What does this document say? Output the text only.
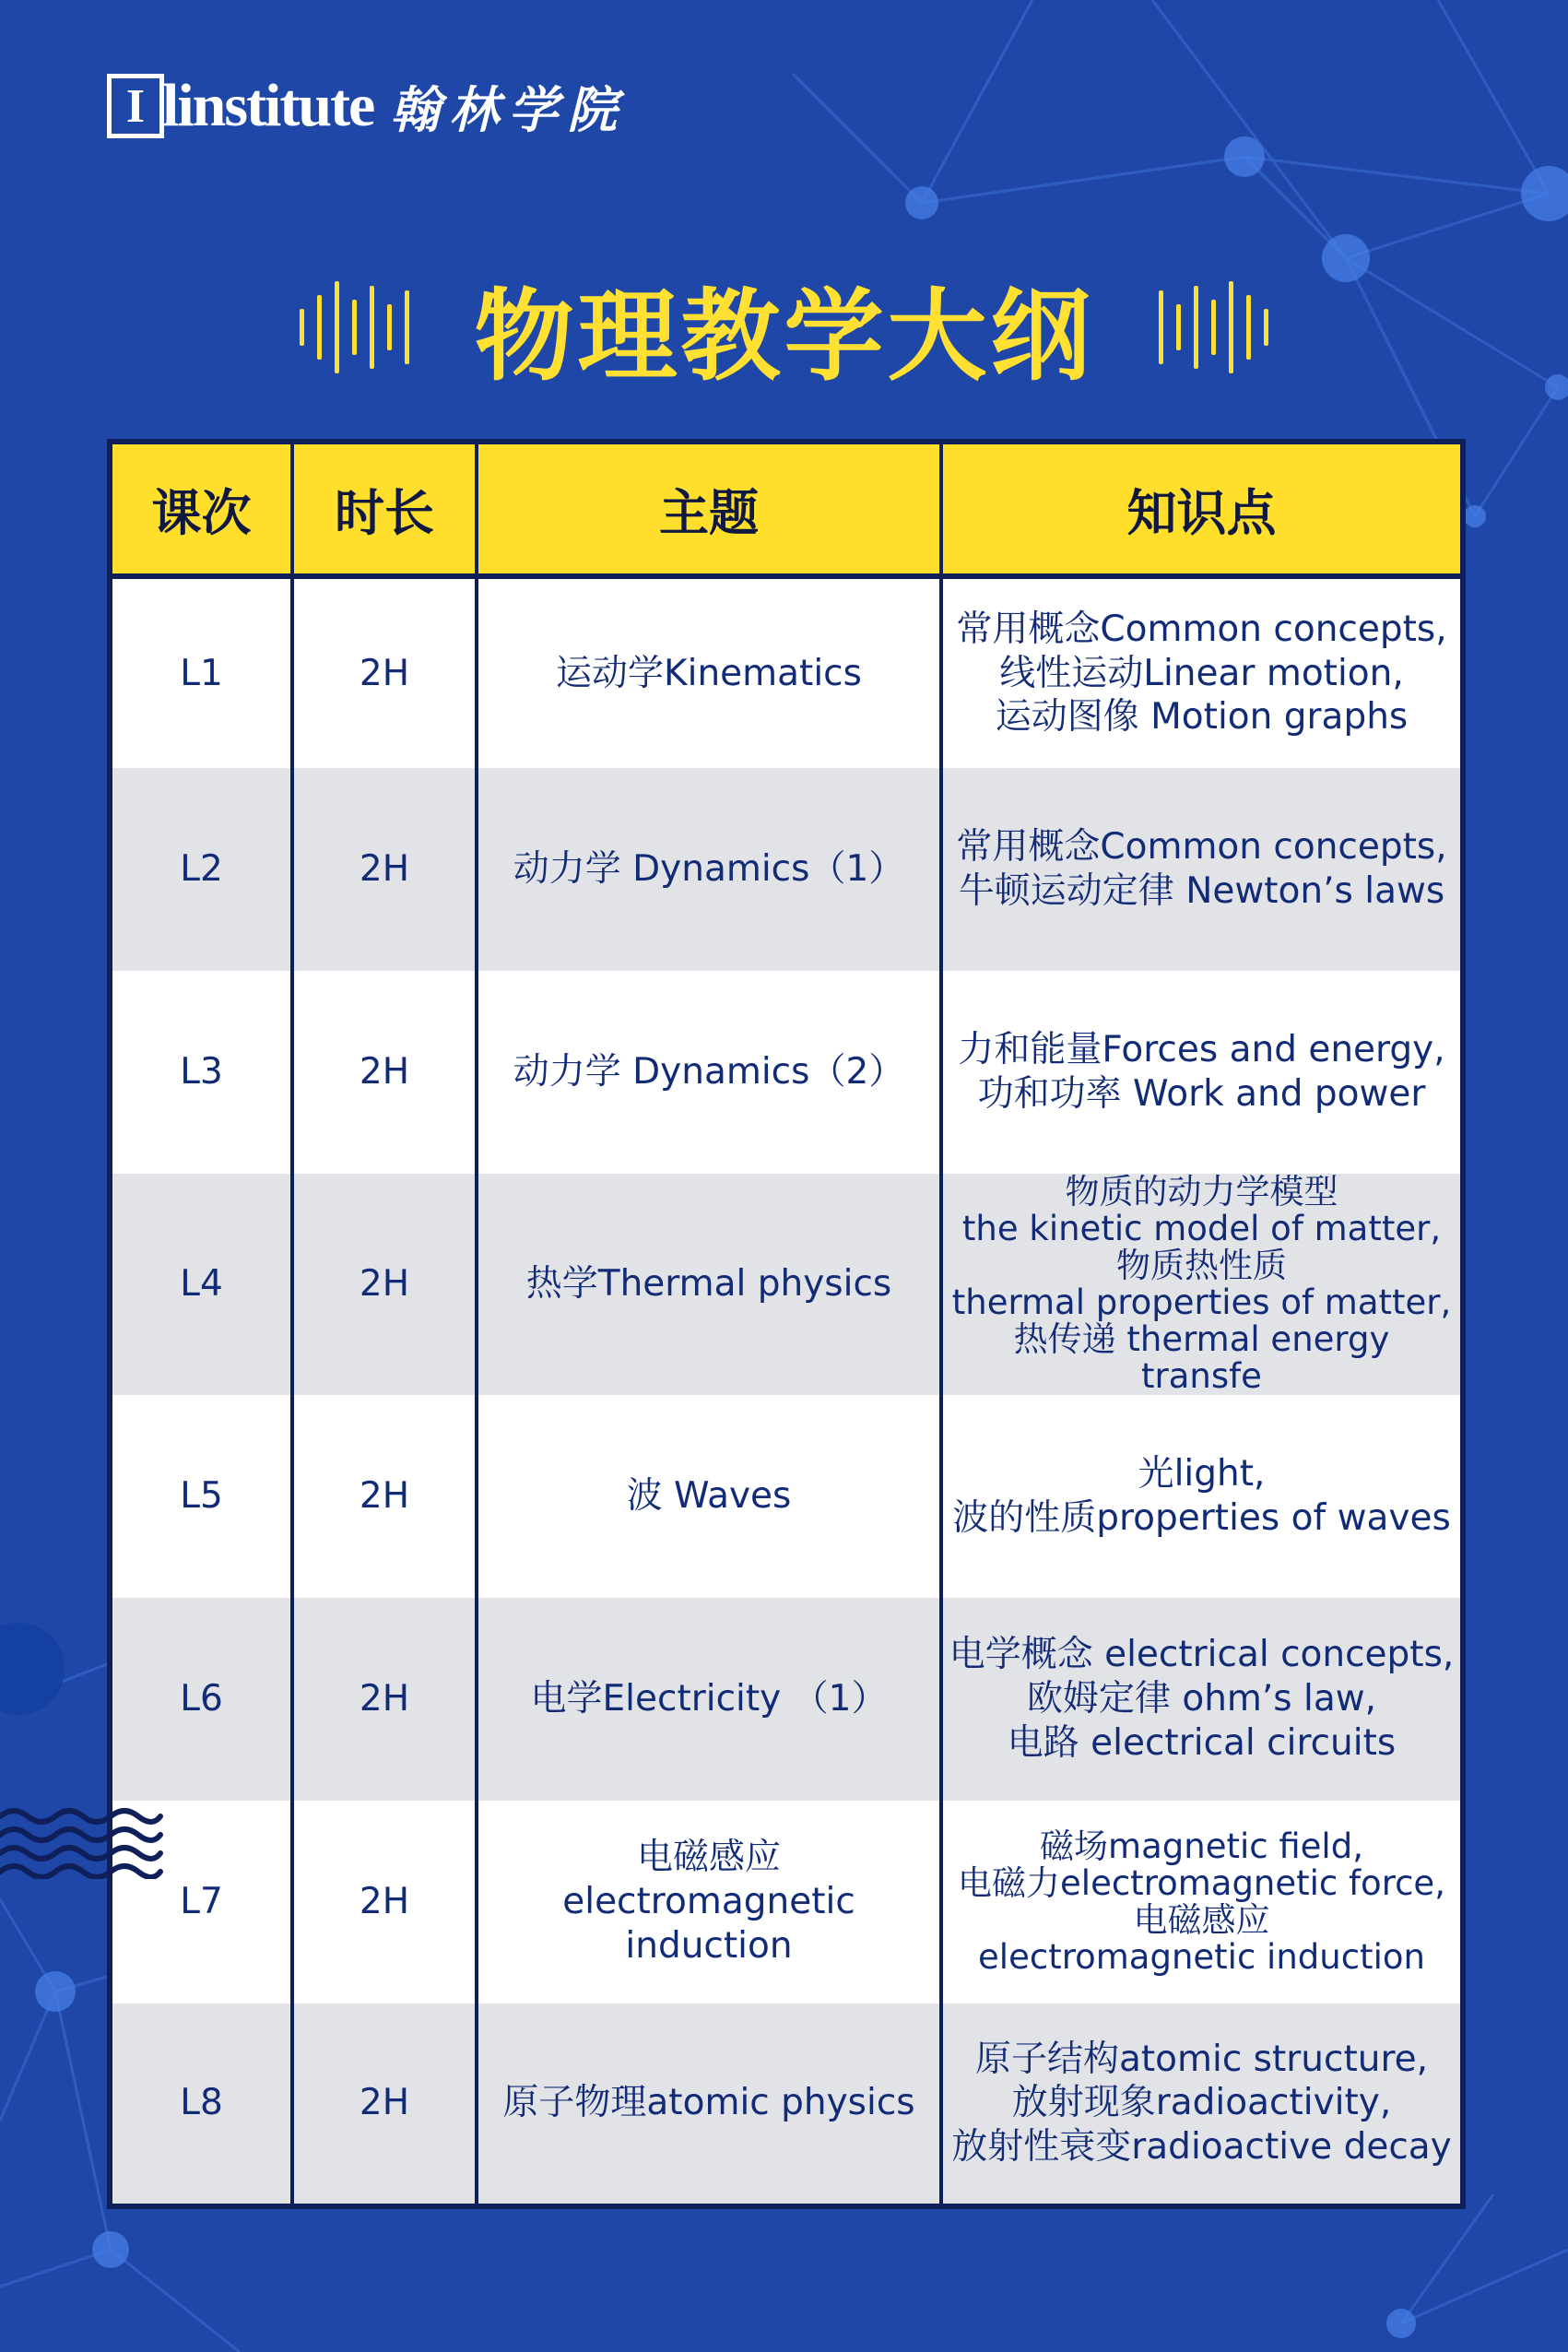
I linstitute 翰林学院
物理教学大纲
课次	时长	主题	知识点
L1	2H	运动学Kinematics	常用概念Common concepts,
线性运动Linear motion,
运动图像 Motion graphs
L2	2H	动力学 Dynamics（1）	常用概念Common concepts,
牛顿运动定律 Newton’s laws
L3	2H	动力学 Dynamics（2）	力和能量Forces and energy,
功和功率 Work and power
L4	2H	热学Thermal physics	物质的动力学模型
the kinetic model of matter,
物质热性质
thermal properties of matter,
热传递 thermal energy transfe
L5	2H	波 Waves	光light,
波的性质properties of waves
L6	2H	电学Electricity （1）	电学概念 electrical concepts,
欧姆定律 ohm’s law,
电路 electrical circuits
L7	2H	电磁感应
electromagnetic
induction	磁场magnetic field,
电磁力electromagnetic force,
电磁感应
electromagnetic induction
L8	2H	原子物理atomic physics	原子结构atomic structure,
放射现象radioactivity,
放射性衰变radioactive decay
